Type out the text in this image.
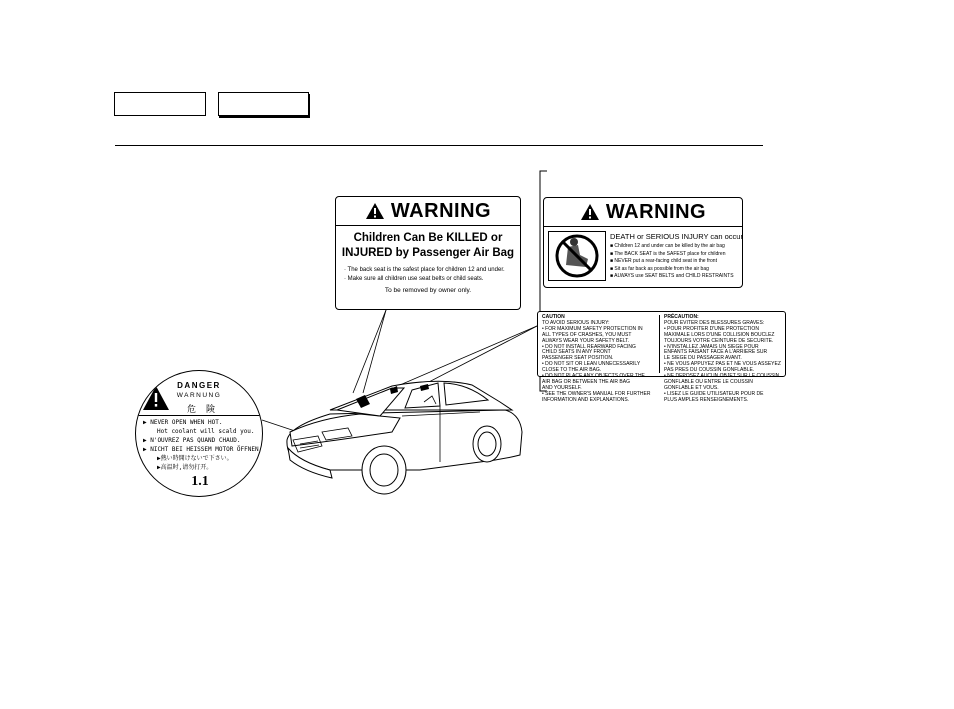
WARNING
Children Can Be KILLED or
INJURED by Passenger Air Bag
· The back seat is the safest place for children 12 and under.
· Make sure all children use seat belts or child seats.
To be removed by owner only.
WARNING
DEATH or SERIOUS INJURY can occur
■ Children 12 and under can be killed by the air bag
■ The BACK SEAT is the SAFEST place for children
■ NEVER put a rear-facing child seat in the front
■ Sit as far back as possible from the air bag
■ ALWAYS use SEAT BELTS and CHILD RESTRAINTS
CAUTION
TO AVOID SERIOUS INJURY:
• FOR MAXIMUM SAFETY PROTECTION IN
ALL TYPES OF CRASHES, YOU MUST
ALWAYS WEAR YOUR SAFETY BELT.
• DO NOT INSTALL REARWARD FACING
CHILD SEATS IN ANY FRONT
PASSENGER SEAT POSITION.
• DO NOT SIT OR LEAN UNNECESSARILY
CLOSE TO THE AIR BAG.
• DO NOT PLACE ANY OBJECTS OVER THE
AIR BAG OR BETWEEN THE AIR BAG
AND YOURSELF.
• SEE THE OWNER'S MANUAL FOR FURTHER
INFORMATION AND EXPLANATIONS.
PRÉCAUTION:
POUR EVITER DES BLESSURES GRAVES:
• POUR PROFITER D'UNE PROTECTION
MAXIMALE LORS D'UNE COLLISION BOUCLEZ
TOUJOURS VOTRE CEINTURE DE SECURITE.
• N'INSTALLEZ JAMAIS UN SIEGE POUR
ENFANTS FAISANT FACE A L'ARRIERE SUR
LE SIEGE DU PASSAGER AVANT.
• NE VOUS APPUYEZ PAS ET NE VOUS ASSEYEZ
PAS PRES DU COUSSIN GONFLABLE.
• NE DEPOSEZ AUCUN OBJET SUR LE COUSSIN
GONFLABLE OU ENTRE LE COUSSIN
GONFLABLE ET VOUS.
• LISEZ LE GUIDE UTILISATEUR POUR DE
PLUS AMPLES RENSEIGNEMENTS.
DANGER
WARNUNG
危険
▶ NEVER OPEN WHEN HOT.
Hot coolant will scald you.
▶ N'OUVREZ PAS QUAND CHAUD.
▶ NICHT BEI HEISSEM MOTOR ÖFFNEN.
▶熱い時開けないで下さい。
▶高温时,请勿打开。
1.1
